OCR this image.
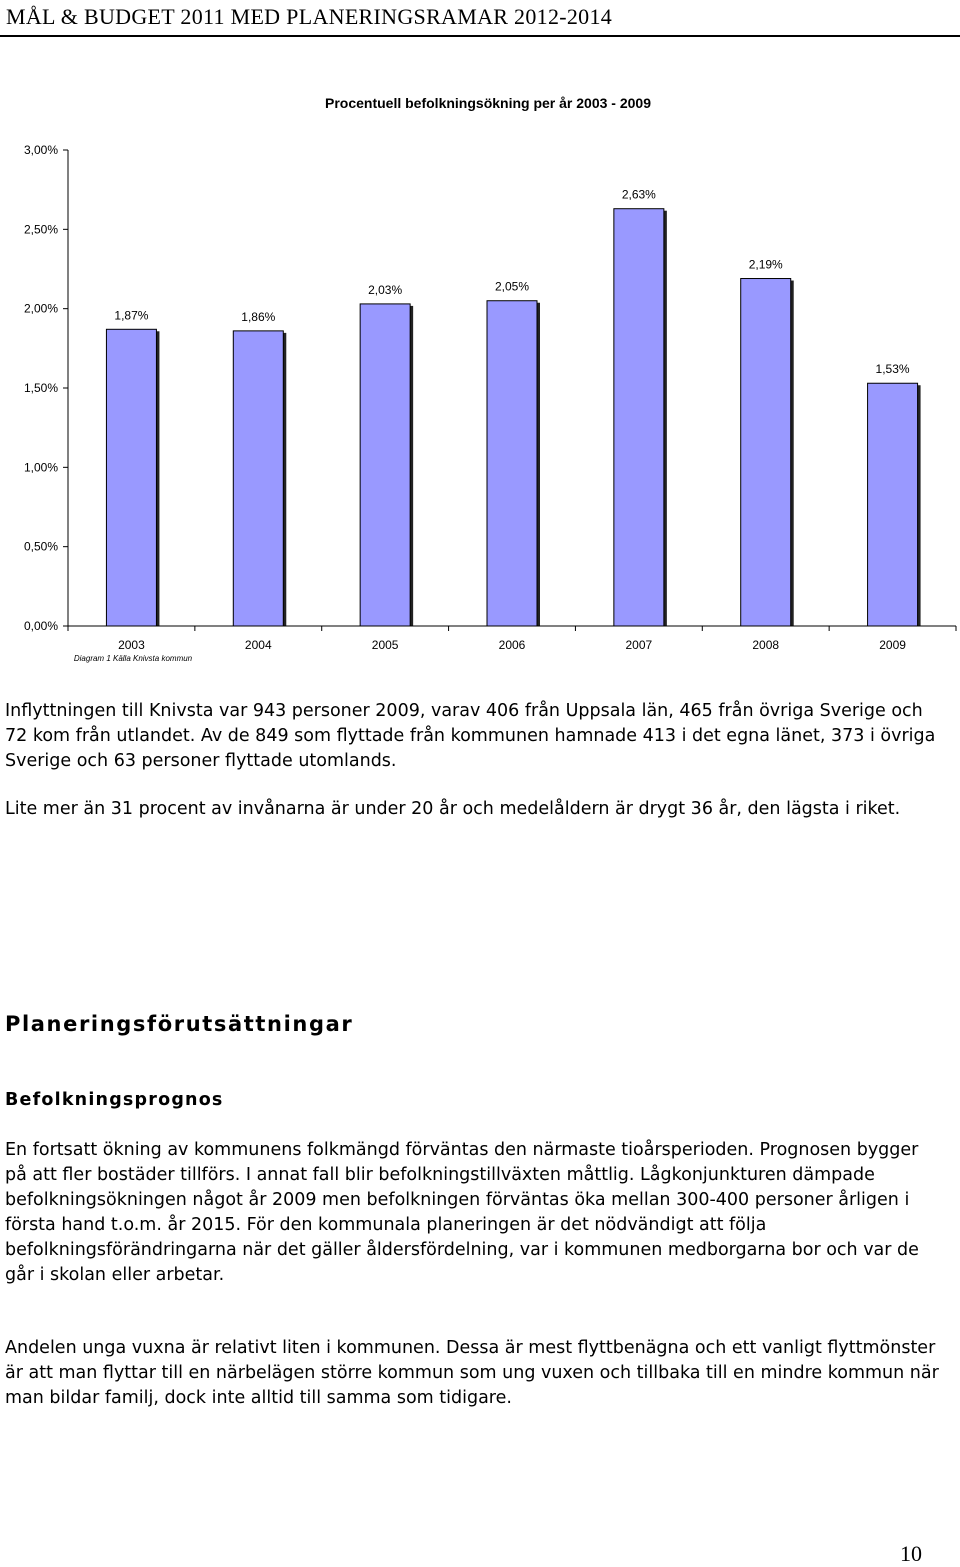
MÅL & BUDGET 2011 MED PLANERINGSRAMAR 2012-2014
Procentuell befolkningsökning per år 2003 - 2009
0,00%
0,50%
1,00%
1,50%
2,00%
2,50%
3,00%
1,87%	1,86%
2,03%	2,05%
2,63%
2,19%
1,53%
2003	2004	2005	2006	2007	2008	2009
Diagram 1 Källa Knivsta kommun

Inflyttningen till Knivsta var 943 personer 2009, varav 406 från Uppsala län, 465 från övriga Sverige och 72 kom från utlandet. Av de 849 som flyttade från kommunen hamnade 413 i det egna länet, 373 i övriga Sverige och 63 personer flyttade utomlands.

Lite mer än 31 procent av invånarna är under 20 år och medelåldern är drygt 36 år, den lägsta i riket.

Planeringsförutsättningar
Befolkningsprognos

En fortsatt ökning av kommunens folkmängd förväntas den närmaste tioårsperioden. Prognosen bygger på att fler bostäder tillförs. I annat fall blir befolkningstillväxten måttlig. Lågkonjunkturen dämpade befolkningsökningen något år 2009 men befolkningen förväntas öka mellan 300-400 personer årligen i första hand t.o.m. år 2015. För den kommunala planeringen är det nödvändigt att följa befolkningsförändringarna när det gäller åldersfördelning, var i kommunen medborgarna bor och var de går i skolan eller arbetar.

Andelen unga vuxna är relativt liten i kommunen. Dessa är mest flyttbenägna och ett vanligt flyttmönster är att man flyttar till en närbelägen större kommun som ung vuxen och tillbaka till en mindre kommun när man bildar familj, dock inte alltid till samma som tidigare.

10
